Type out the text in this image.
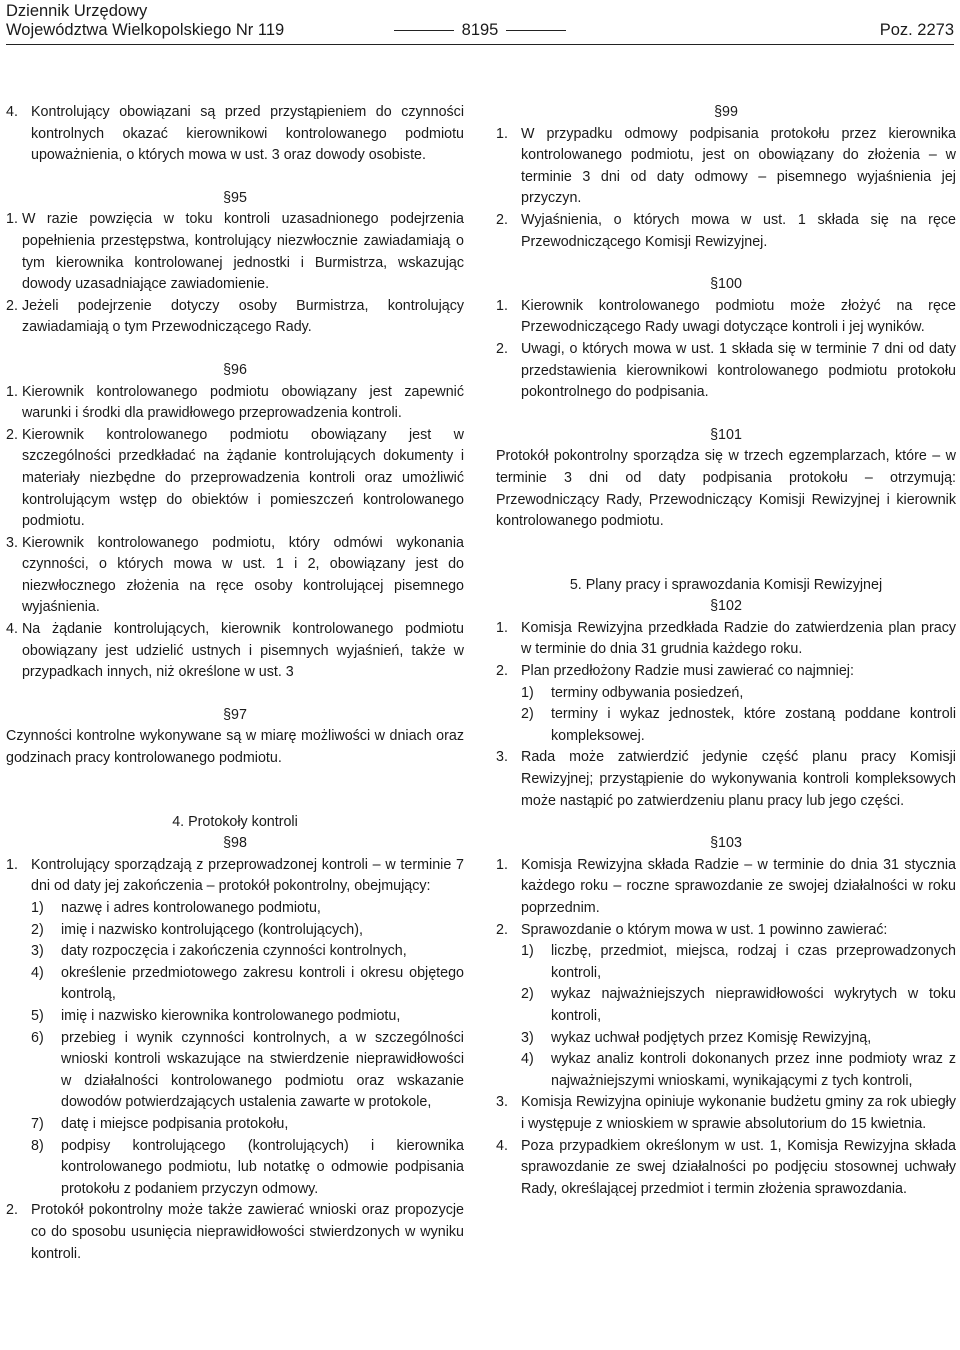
Dziennik Urzędowy
Województwa Wielkopolskiego Nr 119	8195	Poz. 2273
4. Kontrolujący obowiązani są przed przystąpieniem do czynności kontrolnych okazać kierownikowi kontrolowanego podmiotu upoważnienia, o których mowa w ust. 3 oraz dowody osobiste.
§95
1. W razie powzięcia w toku kontroli uzasadnionego podejrzenia popełnienia przestępstwa, kontrolujący niezwłocznie zawiadamiają o tym kierownika kontrolowanej jednostki i Burmistrza, wskazując dowody uzasadniające zawiadomienie.
2. Jeżeli podejrzenie dotyczy osoby Burmistrza, kontrolujący zawiadamiają o tym Przewodniczącego Rady.
§96
1. Kierownik kontrolowanego podmiotu obowiązany jest zapewnić warunki i środki dla prawidłowego przeprowadzenia kontroli.
2. Kierownik kontrolowanego podmiotu obowiązany jest w szczególności przedkładać na żądanie kontrolujących dokumenty i materiały niezbędne do przeprowadzenia kontroli oraz umożliwić kontrolującym wstęp do obiektów i pomieszczeń kontrolowanego podmiotu.
3. Kierownik kontrolowanego podmiotu, który odmówi wykonania czynności, o których mowa w ust. 1 i 2, obowiązany jest do niezwłocznego złożenia na ręce osoby kontrolującej pisemnego wyjaśnienia.
4. Na żądanie kontrolujących, kierownik kontrolowanego podmiotu obowiązany jest udzielić ustnych i pisemnych wyjaśnień, także w przypadkach innych, niż określone w ust. 3
§97

Czynności kontrolne wykonywane są w miarę możliwości w dniach oraz godzinach pracy kontrolowanego podmiotu.

4. Protokoły kontroli
§98
1. Kontrolujący sporządzają z przeprowadzonej kontroli – w terminie 7 dni od daty jej zakończenia – protokół pokontrolny, obejmujący:
1)	nazwę i adres kontrolowanego podmiotu,
2)	imię i nazwisko kontrolującego (kontrolujących),
3)	daty rozpoczęcia i zakończenia czynności kontrolnych,
4)	określenie przedmiotowego zakresu kontroli i okresu objętego kontrolą,
5)	imię i nazwisko kierownika kontrolowanego podmiotu,
6)	przebieg i wynik czynności kontrolnych, a w szczególności wnioski kontroli wskazujące na stwierdzenie nieprawidłowości w działalności kontrolowanego podmiotu oraz wskazanie dowodów potwierdzających ustalenia zawarte w protokole,
7)	datę i miejsce podpisania protokołu,
8)	podpisy kontrolującego (kontrolujących) i kierownika kontrolowanego podmiotu, lub notatkę o odmowie podpisania protokołu z podaniem przyczyn odmowy.
2. Protokół pokontrolny może także zawierać wnioski oraz propozycje co do sposobu usunięcia nieprawidłowości stwierdzonych w wyniku kontroli.
§99
1. W przypadku odmowy podpisania protokołu przez kierownika kontrolowanego podmiotu, jest on obowiązany do złożenia – w terminie 3 dni od daty odmowy – pisemnego wyjaśnienia jej przyczyn.
2. Wyjaśnienia, o których mowa w ust. 1 składa się na ręce Przewodniczącego Komisji Rewizyjnej.
§100
1. Kierownik kontrolowanego podmiotu może złożyć na ręce Przewodniczącego Rady uwagi dotyczące kontroli i jej wyników.
2. Uwagi, o których mowa w ust. 1 składa się w terminie 7 dni od daty przedstawienia kierownikowi kontrolowanego podmiotu protokołu pokontrolnego do podpisania.
§101

Protokół pokontrolny sporządza się w trzech egzemplarzach, które – w terminie 3 dni od daty podpisania protokołu – otrzymują: Przewodniczący Rady, Przewodniczący Komisji Rewizyjnej i kierownik kontrolowanego podmiotu.

5. Plany pracy i sprawozdania Komisji Rewizyjnej
§102
1. Komisja Rewizyjna przedkłada Radzie do zatwierdzenia plan pracy w terminie do dnia 31 grudnia każdego roku.
2. Plan przedłożony Radzie musi zawierać co najmniej:
1)	terminy odbywania posiedzeń,
2)	terminy i wykaz jednostek, które zostaną poddane kontroli kompleksowej.
3. Rada może zatwierdzić jedynie część planu pracy Komisji Rewizyjnej; przystąpienie do wykonywania kontroli kompleksowych może nastąpić po zatwierdzeniu planu pracy lub jego części.
§103
1. Komisja Rewizyjna składa Radzie – w terminie do dnia 31 stycznia każdego roku – roczne sprawozdanie ze swojej działalności w roku poprzednim.
2. Sprawozdanie o którym mowa w ust. 1 powinno zawierać:
1)	liczbę, przedmiot, miejsca, rodzaj i czas przeprowadzonych kontroli,
2)	wykaz najważniejszych nieprawidłowości wykrytych w toku kontroli,
3)	wykaz uchwał podjętych przez Komisję Rewizyjną,
4)	wykaz analiz kontroli dokonanych przez inne podmioty wraz z najważniejszymi wnioskami, wynikającymi z tych kontroli,
3. Komisja Rewizyjna opiniuje wykonanie budżetu gminy za rok ubiegły i występuje z wnioskiem w sprawie absolutorium do 15 kwietnia.
4. Poza przypadkiem określonym w ust. 1, Komisja Rewizyjna składa sprawozdanie ze swej działalności po podjęciu stosownej uchwały Rady, określającej przedmiot i termin złożenia sprawozdania.
